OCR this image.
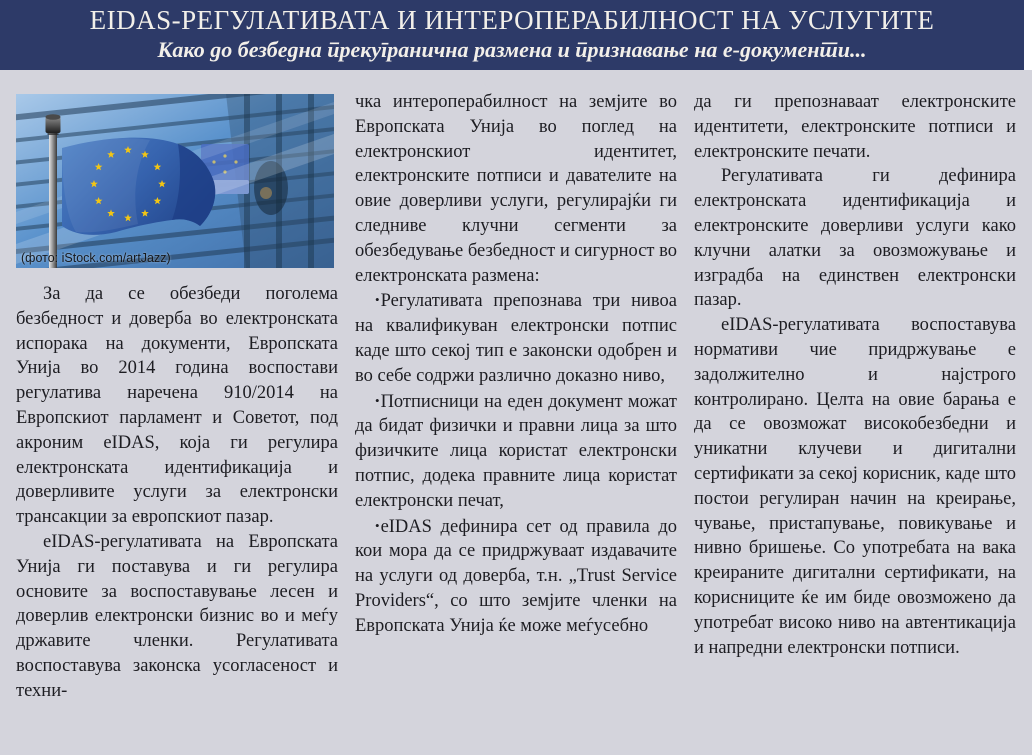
ЕIDAS-РЕГУЛАТИВАТА И ИНТЕРОПЕРАБИЛНОСТ НА УСЛУГИТЕ
Како до безбедна прекугранична размена и признавање на е-документи...
(фото: iStock.com/artJazz)

За да се обезбеди поголема безбедност и доверба во електронската испорака на документи, Европската Унија во 2014 година воспостави регулатива наречена 910/2014 на Европскиот парламент и Советот, под акроним eIDAS, која ги регулира електронската идентификација и доверливите услуги за електронски трансакции за европскиот пазар.

eIDAS-регулативата на Европската Унија ги поставува и ги регулира основите за воспоставување лесен и доверлив електронски бизнис во и меѓу државите членки. Регулативата воспоставува законска усогласеност и техни-

чка интероперабилност на земјите во Европската Унија во поглед на електронскиот идентитет, електронските потписи и давателите на овие доверливи услуги, регулирајќи ги следниве клучни сегменти за обезбедување безбедност и сигурност во електронската размена:

•Регулативата препознава три нивоа на квалификуван електронски потпис каде што секој тип е законски одобрен и во себе содржи различно доказно ниво,

•Потписници на еден документ можат да бидат физички и правни лица за што физичките лица користат електронски потпис, додека правните лица користат електронски печат,

•eIDAS дефинира сет од правила до кои мора да се придржуваат издавачите на услуги од доверба, т.н. „Trust Service Providers“, со што земјите членки на Европската Унија ќе може меѓусебно

да ги препознаваат електронските идентитети, електронските потписи и електронските печати.

Регулативата ги дефинира електронската идентификација и електронските доверливи услуги како клучни алатки за овозможување и изградба на единствен електронски пазар.

eIDAS-регулативата воспоставува нормативи чие придржување е задолжително и најстрого контролирано. Целта на овие барања е да се овозможат високобезбедни и уникатни клучеви и дигитални сертификати за секој корисник, каде што постои регулиран начин на креирање, чување, пристапување, повикување и нивно бришење. Со употребата на вака креираните дигитални сертификати, на корисниците ќе им биде овозможено да употребат високо ниво на автентикација и напредни електронски потписи.
